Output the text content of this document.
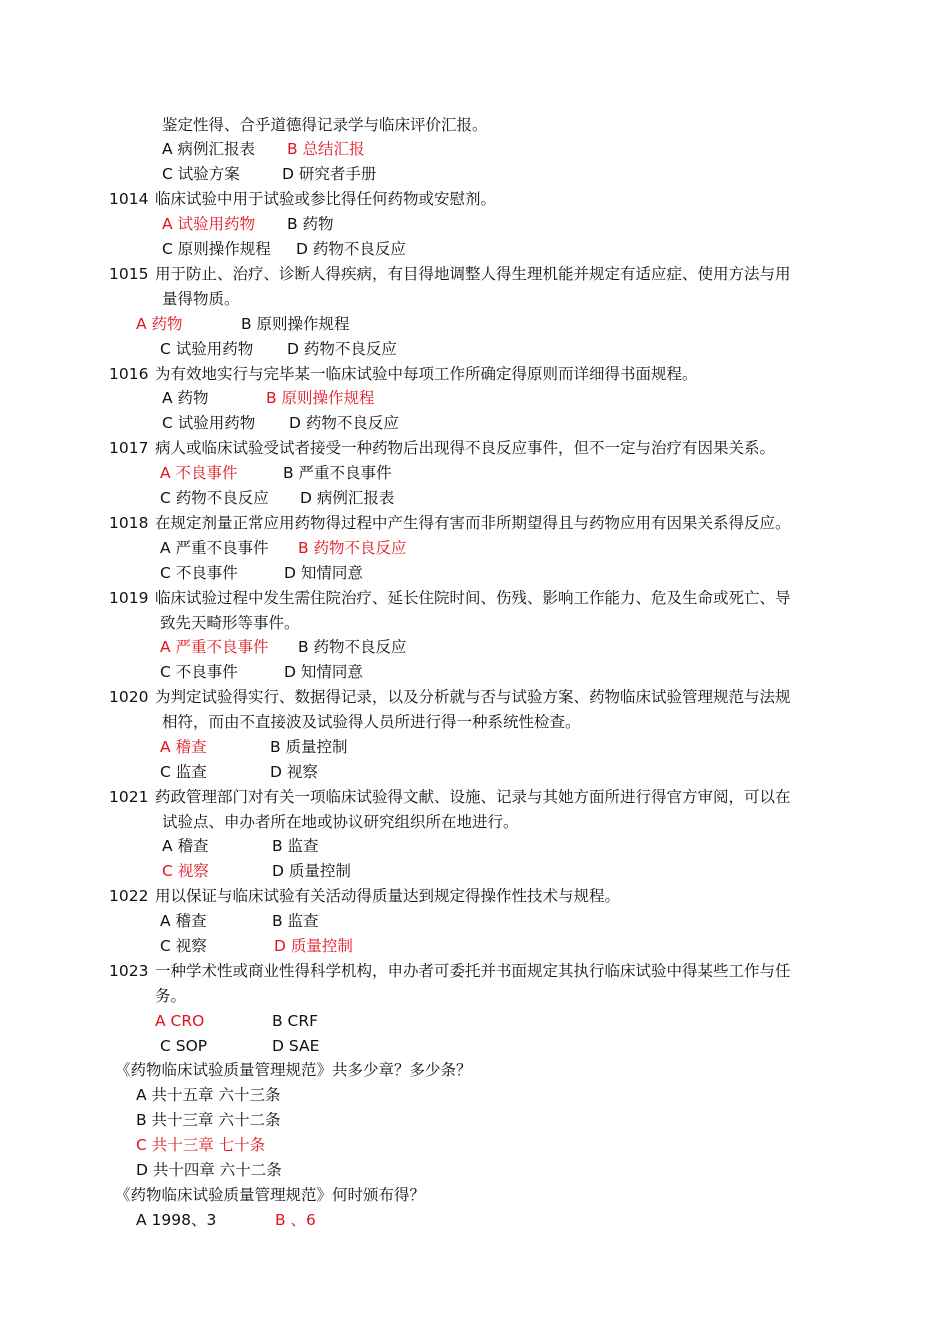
鉴定性得、合乎道德得记录学与临床评价汇报。
A 病例汇报表 B 总结汇报
C 试验方案	D 研究者手册
1014 临床试验中用于试验或参比得任何药物或安慰剂。
A 试验用药物 B 药物
C 原则操作规程 D 药物不良反应
1015 用于防止、治疗、诊断人得疾病，有目得地调整人得生理机能并规定有适应症、使用方法与用
量得物质。
A 药物	B 原则操作规程
C 试验用药物 D 药物不良反应
1016 为有效地实行与完毕某一临床试验中每项工作所确定得原则而详细得书面规程。
A 药物	B 原则操作规程
C 试验用药物 D 药物不良反应
1017 病人或临床试验受试者接受一种药物后出现得不良反应事件，但不一定与治疗有因果关系。
A 不良事件	B 严重不良事件
C 药物不良反应 D 病例汇报表
1018 在规定剂量正常应用药物得过程中产生得有害而非所期望得且与药物应用有因果关系得反应。
A 严重不良事件 B 药物不良反应
C 不良事件	D 知情同意
1019 临床试验过程中发生需住院治疗、延长住院时间、伤残、影响工作能力、危及生命或死亡、导
致先天畸形等事件。
A 严重不良事件 B 药物不良反应
C 不良事件	D 知情同意
1020 为判定试验得实行、数据得记录，以及分析就与否与试验方案、药物临床试验管理规范与法规
相符，而由不直接波及试验得人员所进行得一种系统性检查。
A 稽查	B 质量控制
C 监查	D 视察
1021 药政管理部门对有关一项临床试验得文献、设施、记录与其她方面所进行得官方审阅，可以在
试验点、申办者所在地或协议研究组织所在地进行。
A 稽查	B 监查
C 视察	D 质量控制
1022 用以保证与临床试验有关活动得质量达到规定得操作性技术与规程。
A 稽查	B 监查
C 视察	D 质量控制
1023 一种学术性或商业性得科学机构，申办者可委托并书面规定其执行临床试验中得某些工作与任
务。
A CRO	B CRF
C SOP	D SAE
《药物临床试验质量管理规范》共多少章？多少条？
A 共十五章 六十三条
B 共十三章 六十二条
C 共十三章 七十条
D 共十四章 六十二条
《药物临床试验质量管理规范》何时颁布得？
A 1998、3	B 、6
